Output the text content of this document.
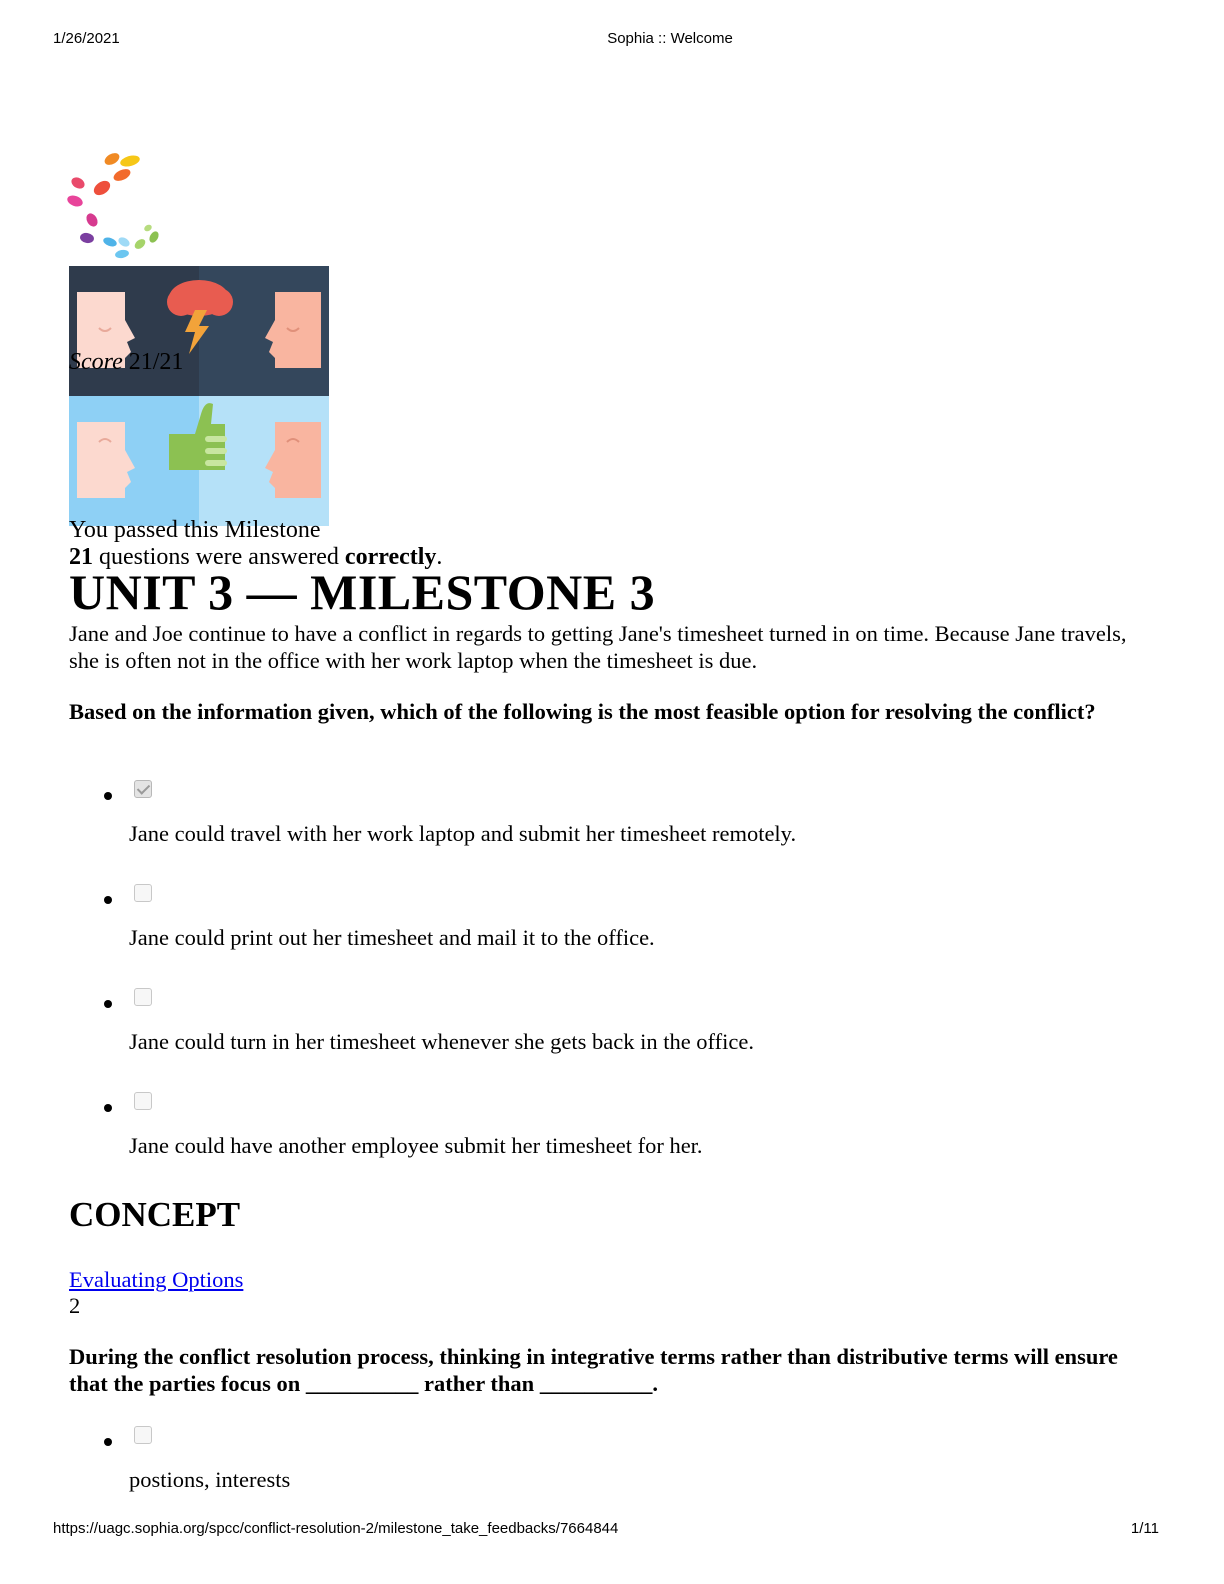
1/26/2021	Sophia :: Welcome
Score 21/21
You passed this Milestone
21 questions were answered correctly.
UNIT 3 — MILESTONE 3

Jane and Joe continue to have a conflict in regards to getting Jane's timesheet turned in on time. Because Jane travels, she is often not in the office with her work laptop when the timesheet is due.

Based on the information given, which of the following is the most feasible option for resolving the conflict?

Jane could travel with her work laptop and submit her timesheet remotely.
Jane could print out her timesheet and mail it to the office.
Jane could turn in her timesheet whenever she gets back in the office.
Jane could have another employee submit her timesheet for her.
CONCEPT
Evaluating Options
2

During the conflict resolution process, thinking in integrative terms rather than distributive terms will ensure that the parties focus on __________ rather than __________.

postions, interests
https://uagc.sophia.org/spcc/conflict-resolution-2/milestone_take_feedbacks/7664844	1/11
